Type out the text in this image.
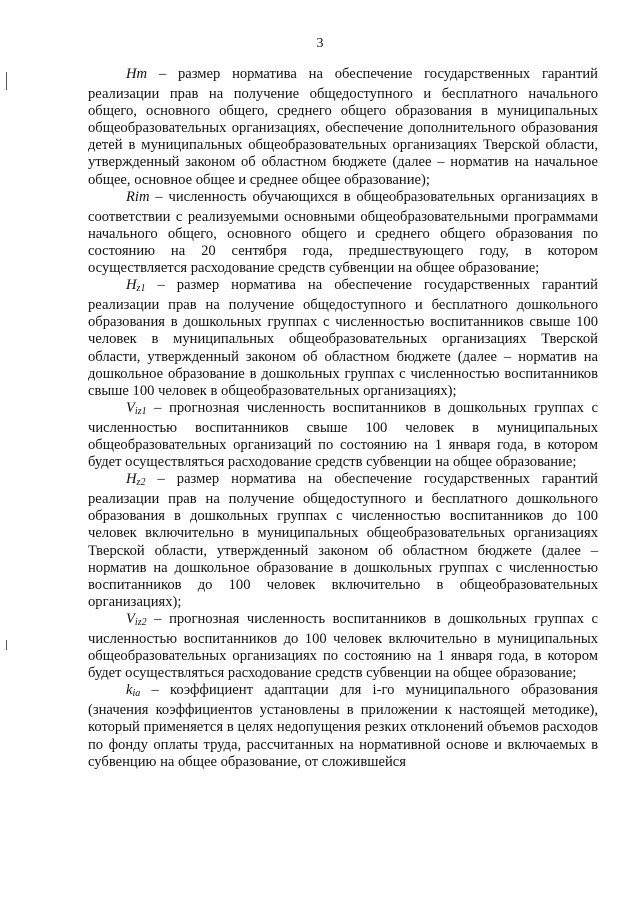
3

Hm – размер норматива на обеспечение государственных гарантий реализации прав на получение общедоступного и бесплатного начального общего, основного общего, среднего общего образования в муниципальных общеобразовательных организациях, обеспечение дополнительного образования детей в муниципальных общеобразовательных организациях Тверской области, утвержденный законом об областном бюджете (далее – норматив на начальное общее, основное общее и среднее общее образование);

Rim – численность обучающихся в общеобразовательных организациях в соответствии с реализуемыми основными общеобразовательными программами начального общего, основного общего и среднего общего образования по состоянию на 20 сентября года, предшествующего году, в котором осуществляется расходование средств субвенции на общее образование;

$H_{z1}$ – размер норматива на обеспечение государственных гарантий реализации прав на получение общедоступного и бесплатного дошкольного образования в дошкольных группах с численностью воспитанников свыше 100 человек в муниципальных общеобразовательных организациях Тверской области, утвержденный законом об областном бюджете (далее – норматив на дошкольное образование в дошкольных группах с численностью воспитанников свыше 100 человек в общеобразовательных организациях);

$V_{iz1}$ – прогнозная численность воспитанников в дошкольных группах с численностью воспитанников свыше 100 человек в муниципальных общеобразовательных организаций по состоянию на 1 января года, в котором будет осуществляться расходование средств субвенции на общее образование;

$H_{z2}$ – размер норматива на обеспечение государственных гарантий реализации прав на получение общедоступного и бесплатного дошкольного образования в дошкольных группах с численностью воспитанников до 100 человек включительно в муниципальных общеобразовательных организациях Тверской области, утвержденный законом об областном бюджете (далее – норматив на дошкольное образование в дошкольных группах с численностью воспитанников до 100 человек включительно в общеобразовательных организациях);

$V_{iz2}$ – прогнозная численность воспитанников в дошкольных группах с численностью воспитанников до 100 человек включительно в муниципальных общеобразовательных организациях по состоянию на 1 января года, в котором будет осуществляться расходование средств субвенции на общее образование;

$k_{ia}$ – коэффициент адаптации для i-го муниципального образования (значения коэффициентов установлены в приложении к настоящей методике), который применяется в целях недопущения резких отклонений объемов расходов по фонду оплаты труда, рассчитанных на нормативной основе и включаемых в субвенцию на общее образование, от сложившейся
